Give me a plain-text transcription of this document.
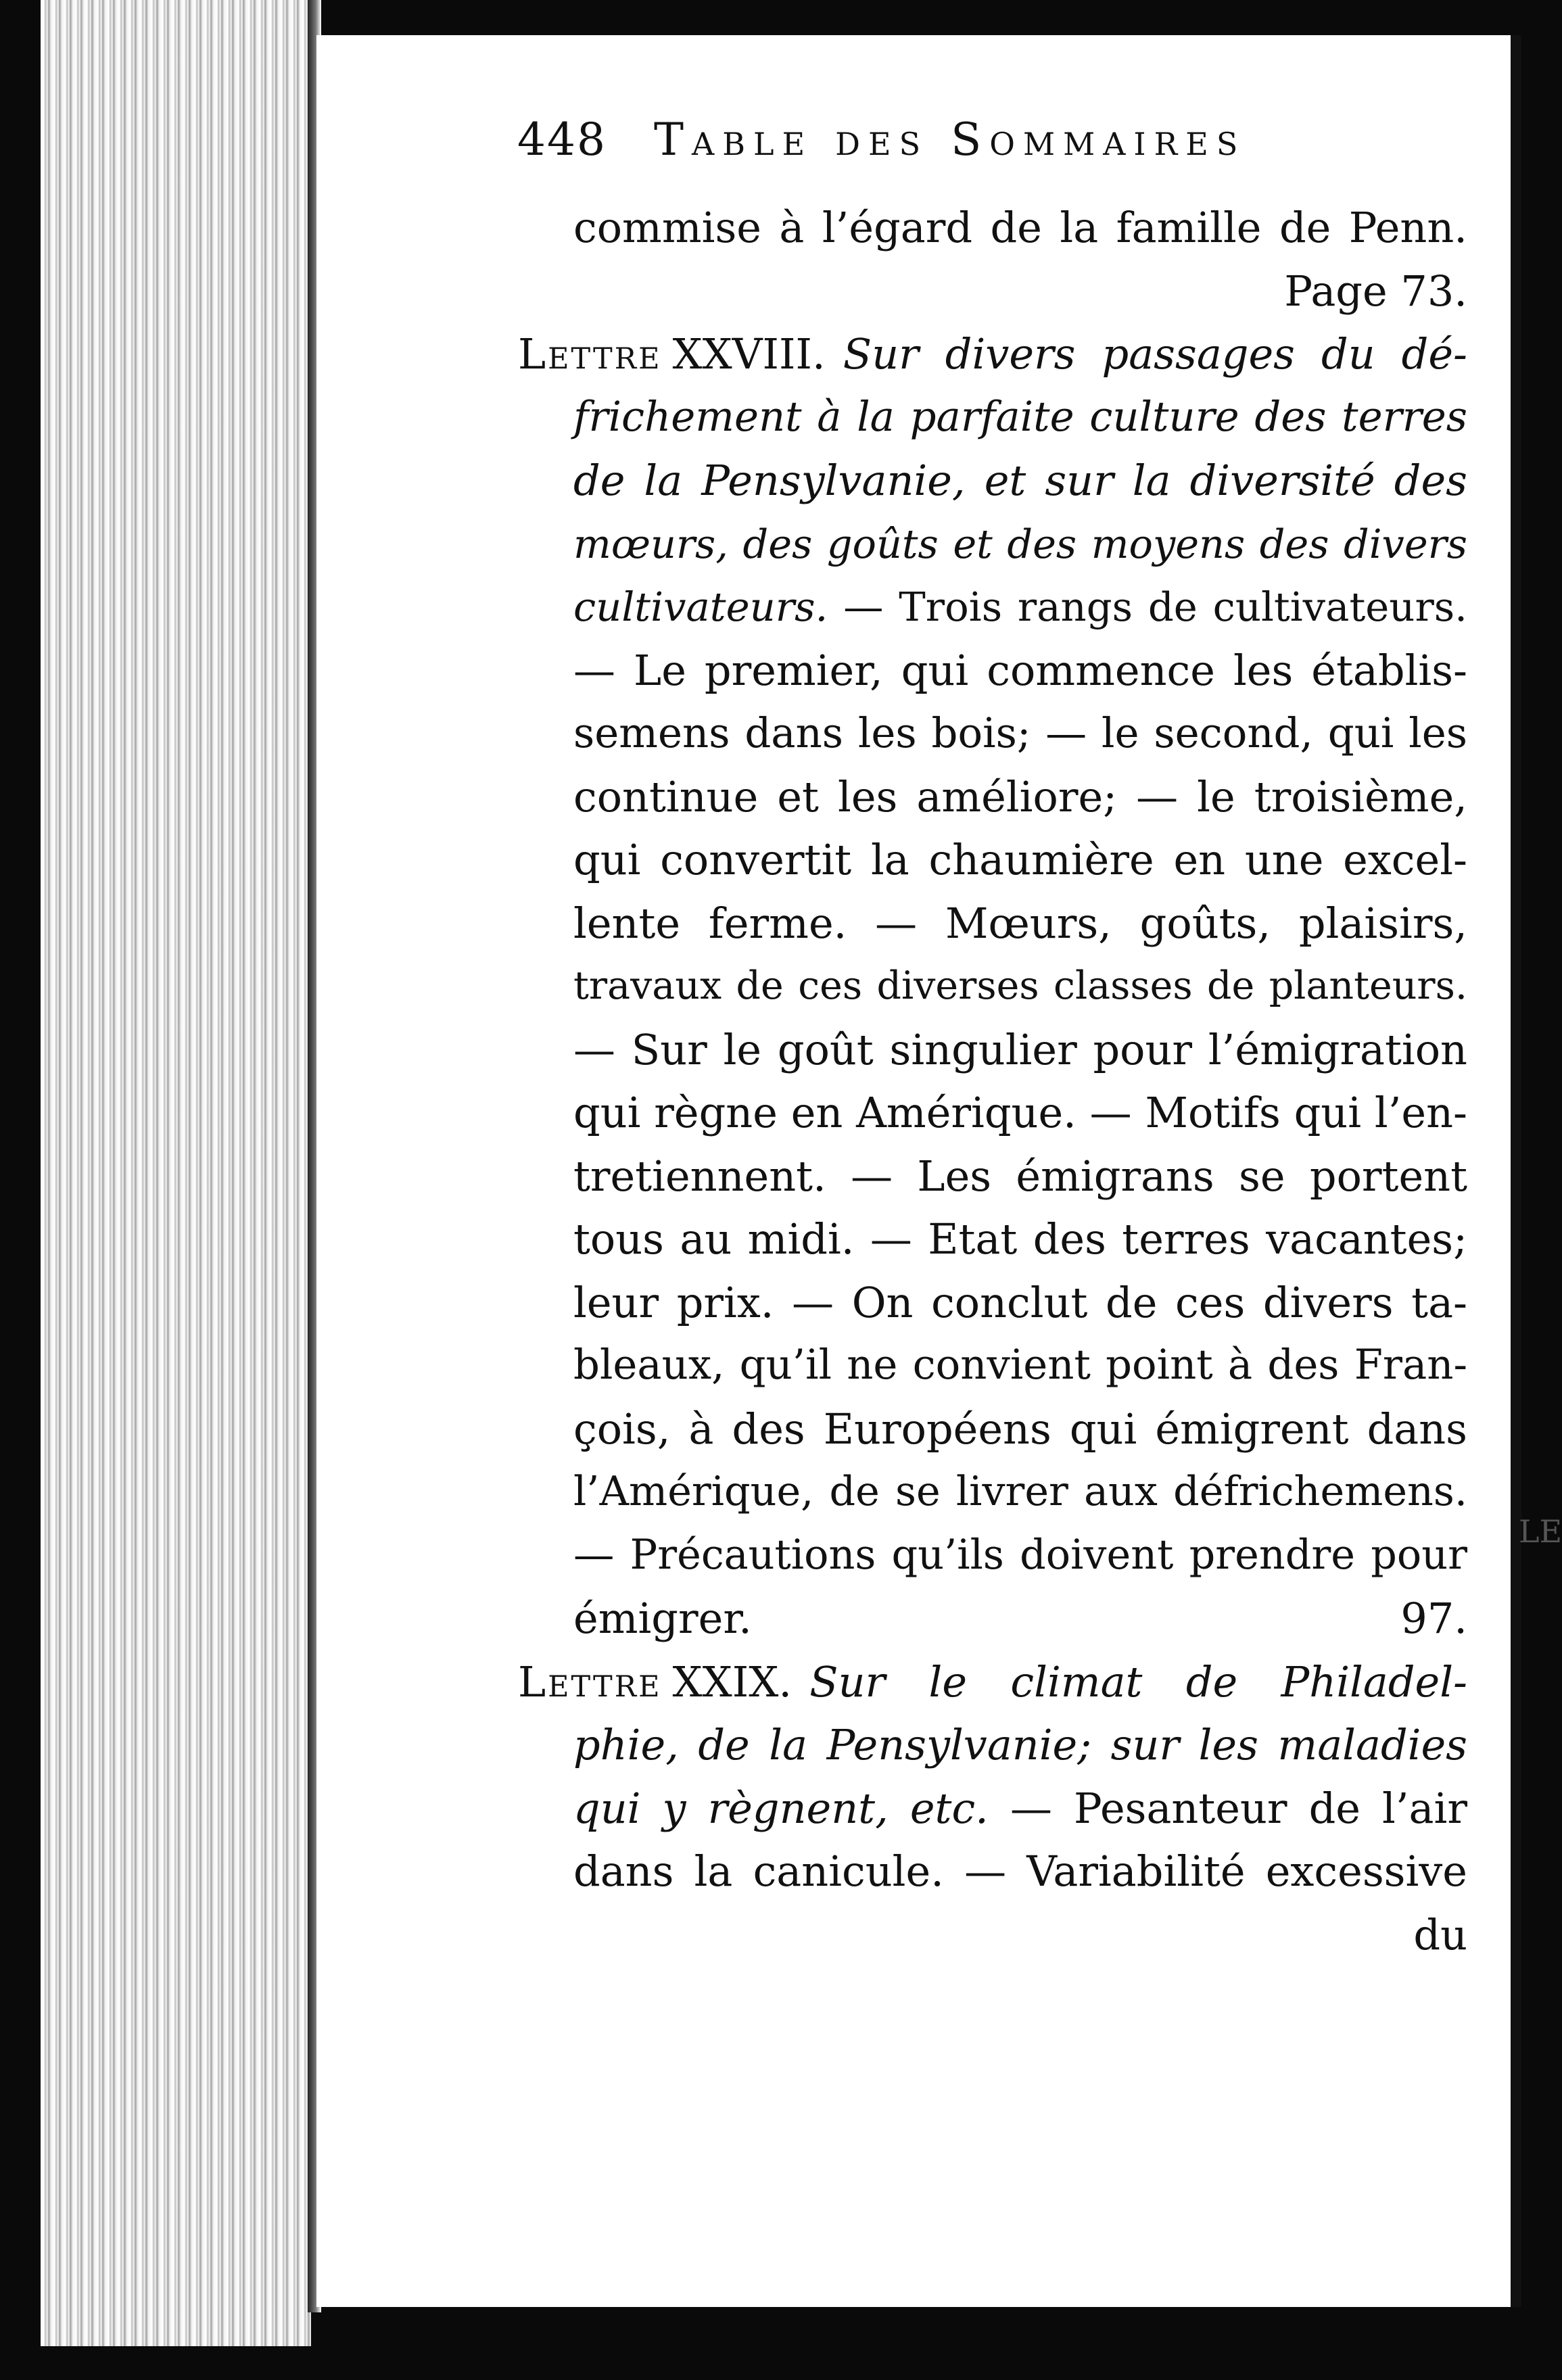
LE
448 Table des Sommaires
commise à l’égard de la famille de Penn.
Page 73.
Lettre XXVIII. Sur divers passages du dé-
frichement à la parfaite culture des terres
de la Pensylvanie, et sur la diversité des
mœurs, des goûts et des moyens des divers
cultivateurs. — Trois rangs de cultivateurs.
— Le premier, qui commence les établis-
semens dans les bois; — le second, qui les
continue et les améliore; — le troisième,
qui convertit la chaumière en une excel-
lente ferme. — Mœurs, goûts, plaisirs,
travaux de ces diverses classes de planteurs.
— Sur le goût singulier pour l’émigration
qui règne en Amérique. — Motifs qui l’en-
tretiennent. — Les émigrans se portent
tous au midi. — Etat des terres vacantes;
leur prix. — On conclut de ces divers ta-
bleaux, qu’il ne convient point à des Fran-
çois, à des Européens qui émigrent dans
l’Amérique, de se livrer aux défrichemens.
— Précautions qu’ils doivent prendre pour
émigrer.	97.
Lettre XXIX. Sur le climat de Philadel-
phie, de la Pensylvanie; sur les maladies
qui y règnent, etc. — Pesanteur de l’air
dans la canicule. — Variabilité excessive
du
